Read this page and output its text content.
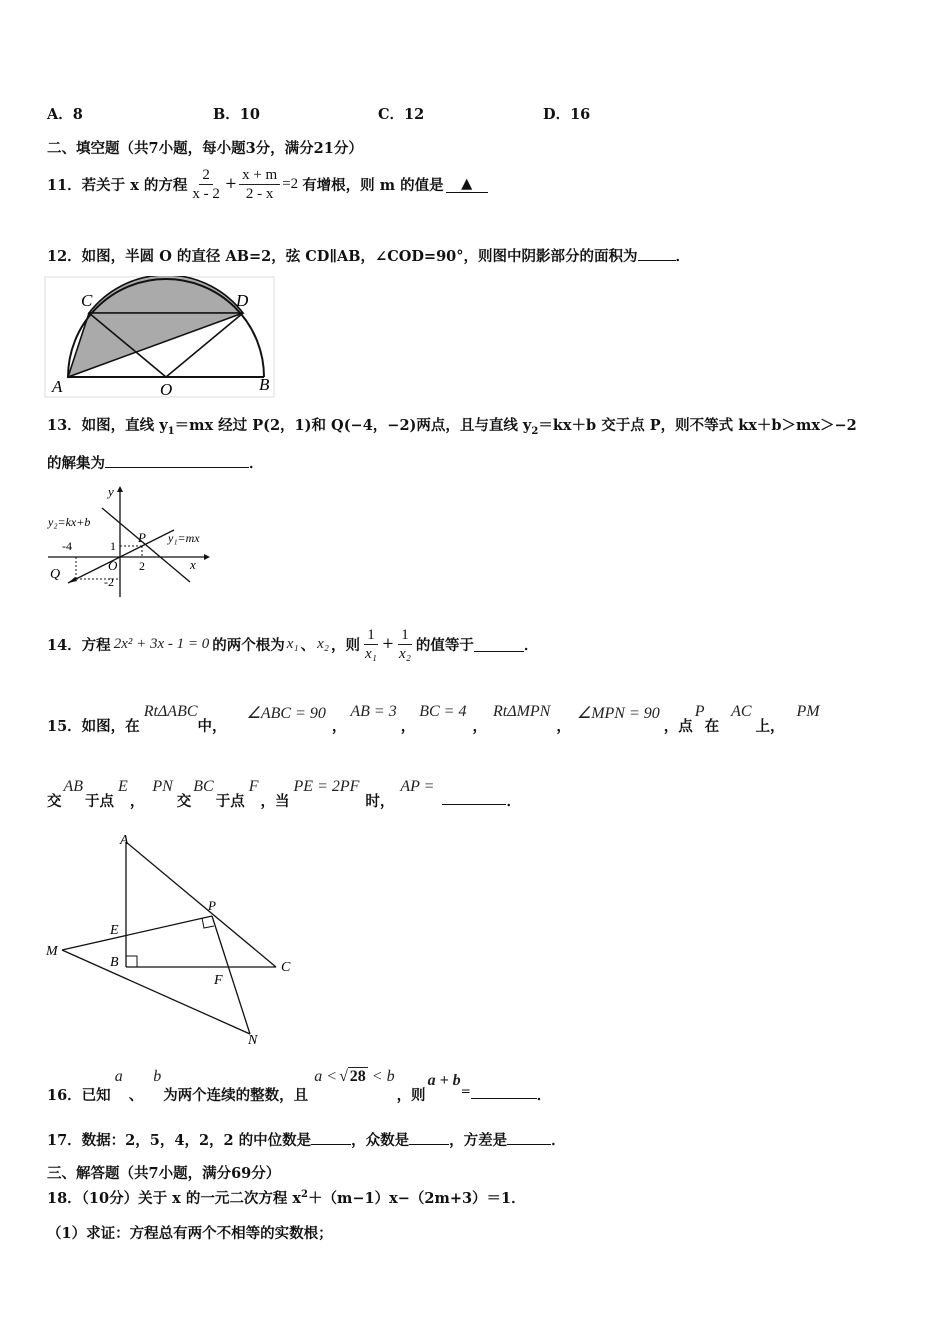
A．8	B．10	C．12	D．16
二、填空题（共7小题，每小题3分，满分21分）
11．若关于 x 的方程 $\frac{2}{x - 2} + \frac{x + m}{2 - x} =2$ 有增根，则 m 的值是	▲
12．如图，半圆 O 的直径 AB=2，弦 CD∥AB，∠COD=90°，则图中阴影部分的面积为	．
A	B
C	D
O
13．如图，直线 $y_1=mx$ 经过 P(2，1)和 Q(−4，−2)两点，且与直线 $y_2=kx+b$ 交于点 P，则不等式 kx＋b＞mx＞−2
的解集为	．
y
x
y₂=kx+b
y₁=mx
P
Q
O
-4	1
2
-2
14．方程 2x² + 3x - 1 = 0 的两个根为 x₁ 、 x₂ ，则 $\frac{1}{\text{x₁}} + \frac{1}{\text{x₂}}$ 的值等于	．
15．如图，在
RtΔABC
中，
∠ABC = 90
，
AB = 3
，
BC = 4
，
RtΔMPN
，
∠MPN = 90
，点
P
在
AC
上，
PM
交
AB
于点
E
，
PN
交
BC
于点
F
，当
PE = 2PF
时，
AP =
．
A
P
E
M
B	C
F
N
16．已知
a
、
b
为两个连续的整数，且
a < √ 28 < b
，则
a + b
=	．
17．数据：2，5，4，2，2 的中位数是	，众数是	，方差是	．
三、解答题（共7小题，满分69分）
18．（10分）关于 x 的一元二次方程 $x^2+(m-1)x-(2m+3)=1$．
（1）求证：方程总有两个不相等的实数根；
